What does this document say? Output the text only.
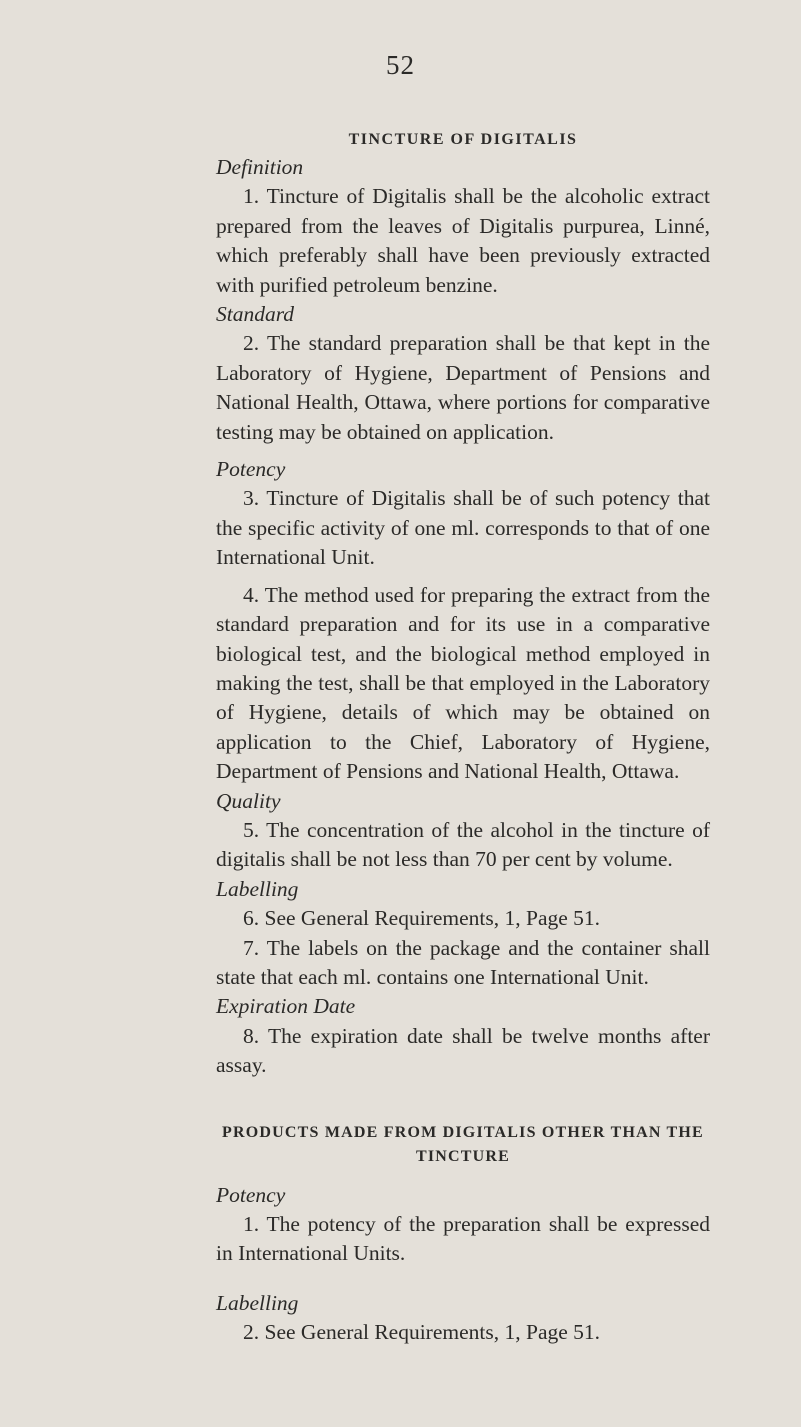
52
TINCTURE OF DIGITALIS

Definition

1. Tincture of Digitalis shall be the alcoholic extract prepared from the leaves of Digitalis purpurea, Linné, which preferably shall have been previously extracted with purified petroleum benzine.

Standard

2. The standard preparation shall be that kept in the Laboratory of Hygiene, Department of Pensions and National Health, Ottawa, where portions for comparative testing may be obtained on application.

Potency

3. Tincture of Digitalis shall be of such potency that the specific activity of one ml. corresponds to that of one International Unit.

4. The method used for preparing the extract from the standard preparation and for its use in a comparative biological test, and the biological method employed in making the test, shall be that employed in the Laboratory of Hygiene, details of which may be obtained on application to the Chief, Laboratory of Hygiene, Department of Pensions and National Health, Ottawa.

Quality

5. The concentration of the alcohol in the tincture of digitalis shall be not less than 70 per cent by volume.

Labelling

6. See General Requirements, 1, Page 51.

7. The labels on the package and the container shall state that each ml. contains one International Unit.

Expiration Date

8. The expiration date shall be twelve months after assay.

PRODUCTS MADE FROM DIGITALIS OTHER THAN THE TINCTURE

Potency

1. The potency of the preparation shall be expressed in International Units.

Labelling

2. See General Requirements, 1, Page 51.
